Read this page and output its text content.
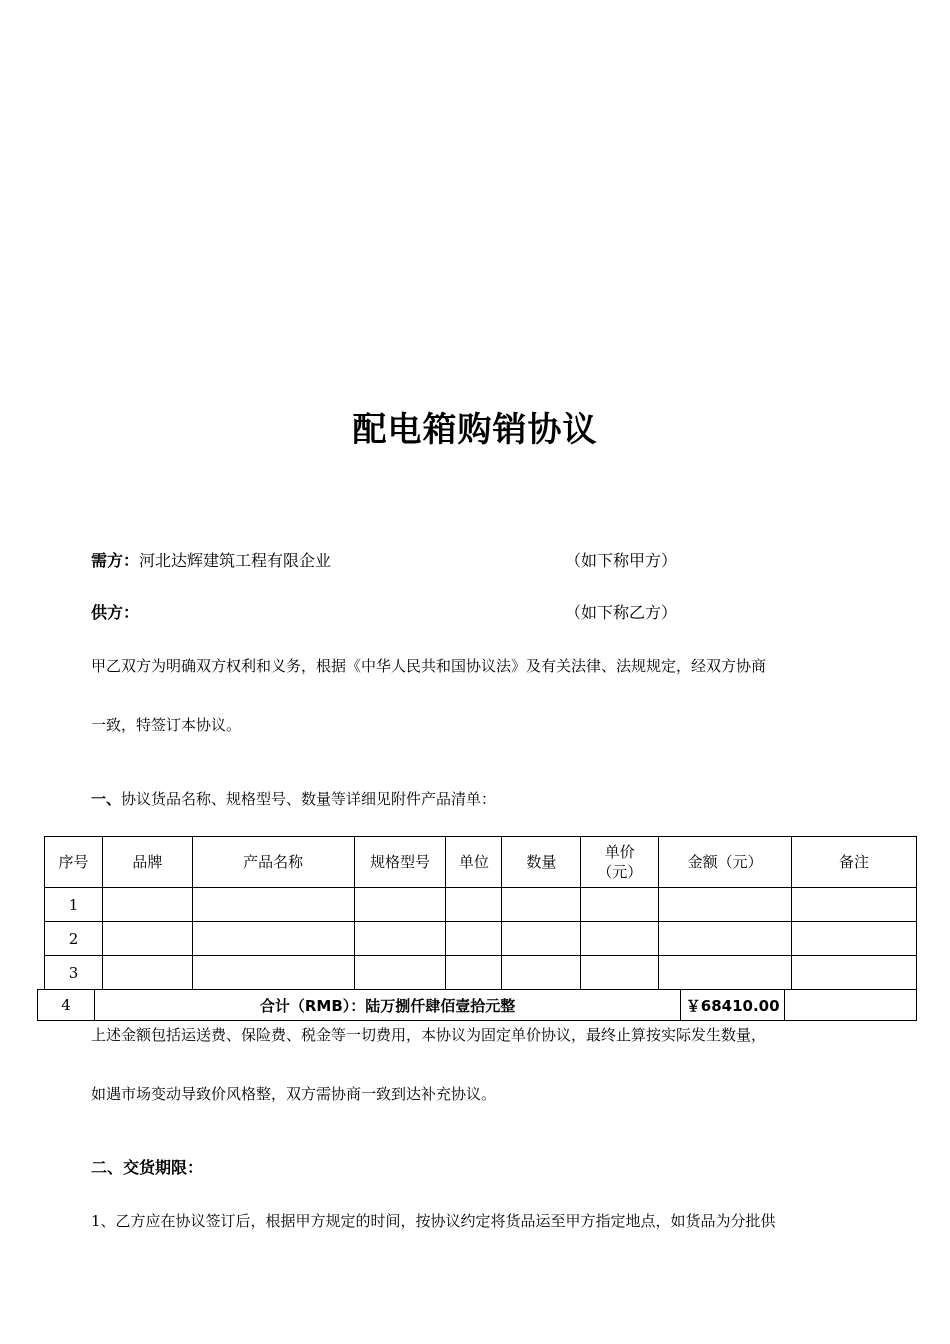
配电箱购销协议
需方：河北达辉建筑工程有限企业	（如下称甲方）
供方：	（如下称乙方）
甲乙双方为明确双方权利和义务，根据《中华人民共和国协议法》及有关法律、法规规定，经双方协商
一致，特签订本协议。
一、协议货品名称、规格型号、数量等详细见附件产品清单：
序号	品牌	产品名称	规格型号	单位	数量	单价（元）	金额（元）	备注
1								
2								
3								
4	合计（RMB）：陆万捌仟肆佰壹拾元整	￥68410.00	
上述金额包括运送费、保险费、税金等一切费用，本协议为固定单价协议，最终止算按实际发生数量，
如遇市场变动导致价风格整，双方需协商一致到达补充协议。
二、交货期限：
1、乙方应在协议签订后，根据甲方规定的时间，按协议约定将货品运至甲方指定地点，如货品为分批供
